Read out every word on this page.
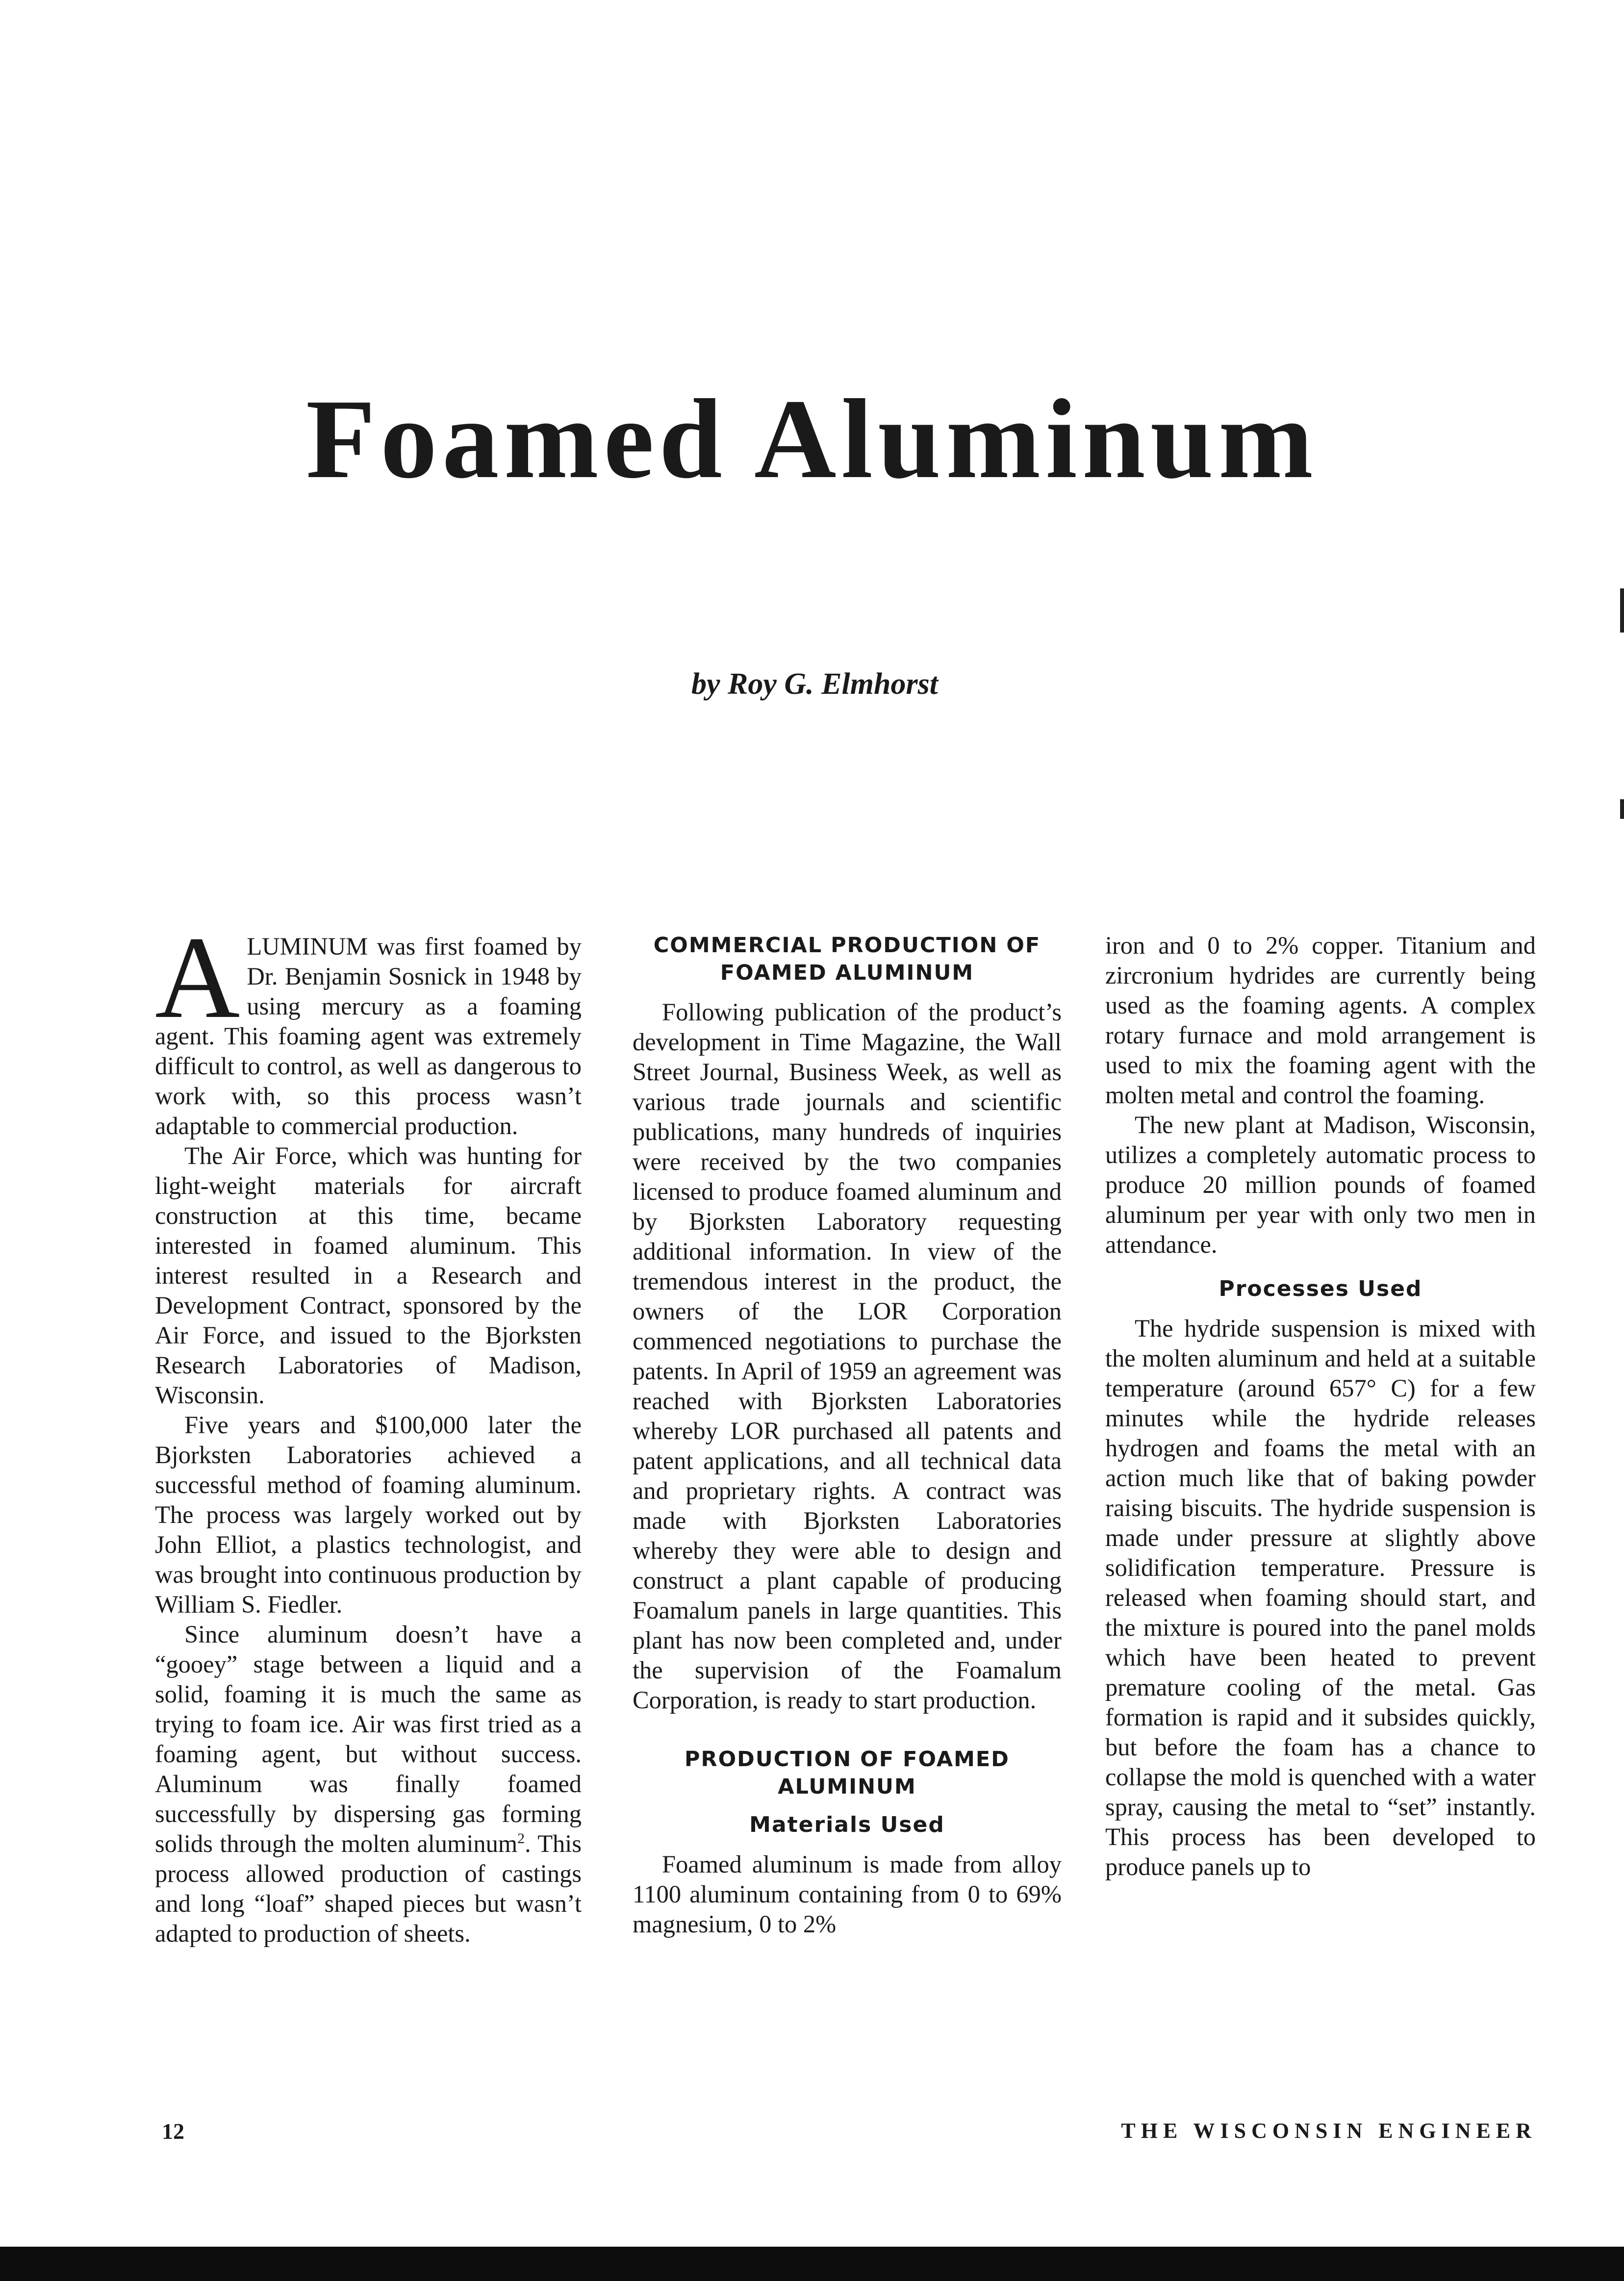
Foamed Aluminum
by Roy G. Elmhorst

ALUMINUM was first foamed by Dr. Benjamin Sosnick in 1948 by using mercury as a foaming agent. This foaming agent was extremely difficult to control, as well as dangerous to work with, so this process wasn’t adaptable to commercial production.

The Air Force, which was hunting for light-weight materials for aircraft construction at this time, became interested in foamed aluminum. This interest resulted in a Research and Development Contract, sponsored by the Air Force, and issued to the Bjorksten Research Laboratories of Madison, Wisconsin.

Five years and $100,000 later the Bjorksten Laboratories achieved a successful method of foaming aluminum. The process was largely worked out by John Elliot, a plastics technologist, and was brought into continuous production by William S. Fiedler.

Since aluminum doesn’t have a “gooey” stage between a liquid and a solid, foaming it is much the same as trying to foam ice. Air was first tried as a foaming agent, but without success. Aluminum was finally foamed successfully by dispersing gas forming solids through the molten aluminum$^2$. This process allowed production of castings and long “loaf” shaped pieces but wasn’t adapted to production of sheets.

COMMERCIAL PRODUCTION OF FOAMED ALUMINUM

Following publication of the product’s development in Time Magazine, the Wall Street Journal, Business Week, as well as various trade journals and scientific publications, many hundreds of inquiries were received by the two companies licensed to produce foamed aluminum and by Bjorksten Laboratory requesting additional information. In view of the tremendous interest in the product, the owners of the LOR Corporation commenced negotiations to purchase the patents. In April of 1959 an agreement was reached with Bjorksten Laboratories whereby LOR purchased all patents and patent applications, and all technical data and proprietary rights. A contract was made with Bjorksten Laboratories whereby they were able to design and construct a plant capable of producing Foamalum panels in large quantities. This plant has now been completed and, under the supervision of the Foamalum Corporation, is ready to start production.

PRODUCTION OF FOAMED ALUMINUM
Materials Used

Foamed aluminum is made from alloy 1100 aluminum containing from 0 to 69% magnesium, 0 to 2%

iron and 0 to 2% copper. Titanium and zircronium hydrides are currently being used as the foaming agents. A complex rotary furnace and mold arrangement is used to mix the foaming agent with the molten metal and control the foaming.

The new plant at Madison, Wisconsin, utilizes a completely automatic process to produce 20 million pounds of foamed aluminum per year with only two men in attendance.

Processes Used

The hydride suspension is mixed with the molten aluminum and held at a suitable temperature (around 657° C) for a few minutes while the hydride releases hydrogen and foams the metal with an action much like that of baking powder raising biscuits. The hydride suspension is made under pressure at slightly above solidification temperature. Pressure is released when foaming should start, and the mixture is poured into the panel molds which have been heated to prevent premature cooling of the metal. Gas formation is rapid and it subsides quickly, but before the foam has a chance to collapse the mold is quenched with a water spray, causing the metal to “set” instantly. This process has been developed to produce panels up to

12	THE WISCONSIN ENGINEER
